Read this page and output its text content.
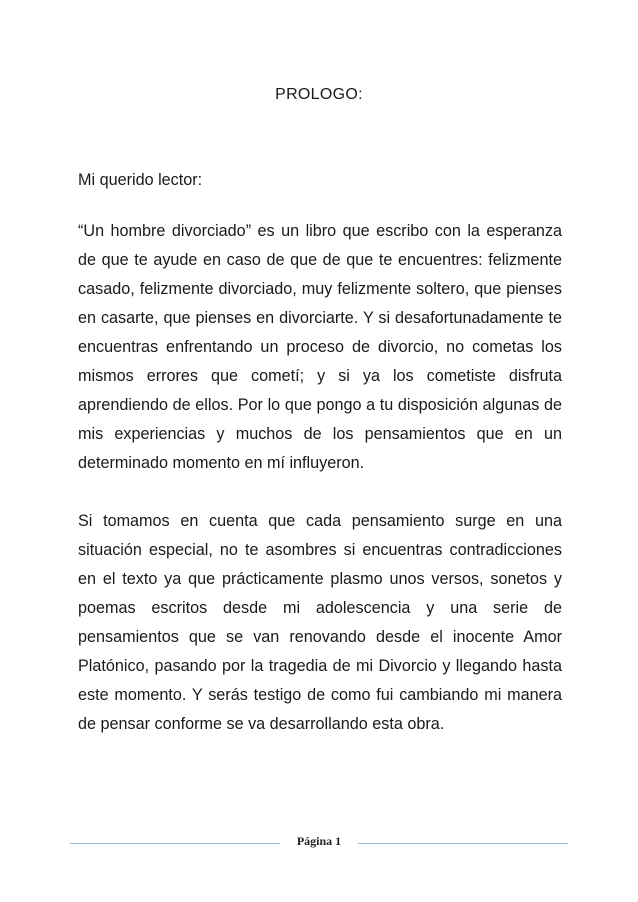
PROLOGO:

Mi querido lector:

“Un hombre divorciado” es un libro que escribo con la esperanza de que te ayude en caso de que de que te encuentres: felizmente casado, felizmente divorciado, muy felizmente soltero, que pienses en casarte, que pienses en divorciarte. Y si desafortunadamente te encuentras enfrentando un proceso de divorcio, no cometas los mismos errores que cometí; y si ya los cometiste disfruta aprendiendo de ellos. Por lo que pongo a tu disposición algunas de mis experiencias y muchos de los pensamientos que en un determinado momento en mí influyeron.

Si tomamos en cuenta que cada pensamiento surge en una situación especial, no te asombres si encuentras contradicciones en el texto ya que prácticamente plasmo unos versos, sonetos y poemas escritos desde mi adolescencia y una serie de pensamientos que se van renovando desde el inocente Amor Platónico, pasando por la tragedia de mi Divorcio y llegando hasta este momento. Y serás testigo de como fui cambiando mi manera de pensar conforme se va desarrollando esta obra.

Página 1
